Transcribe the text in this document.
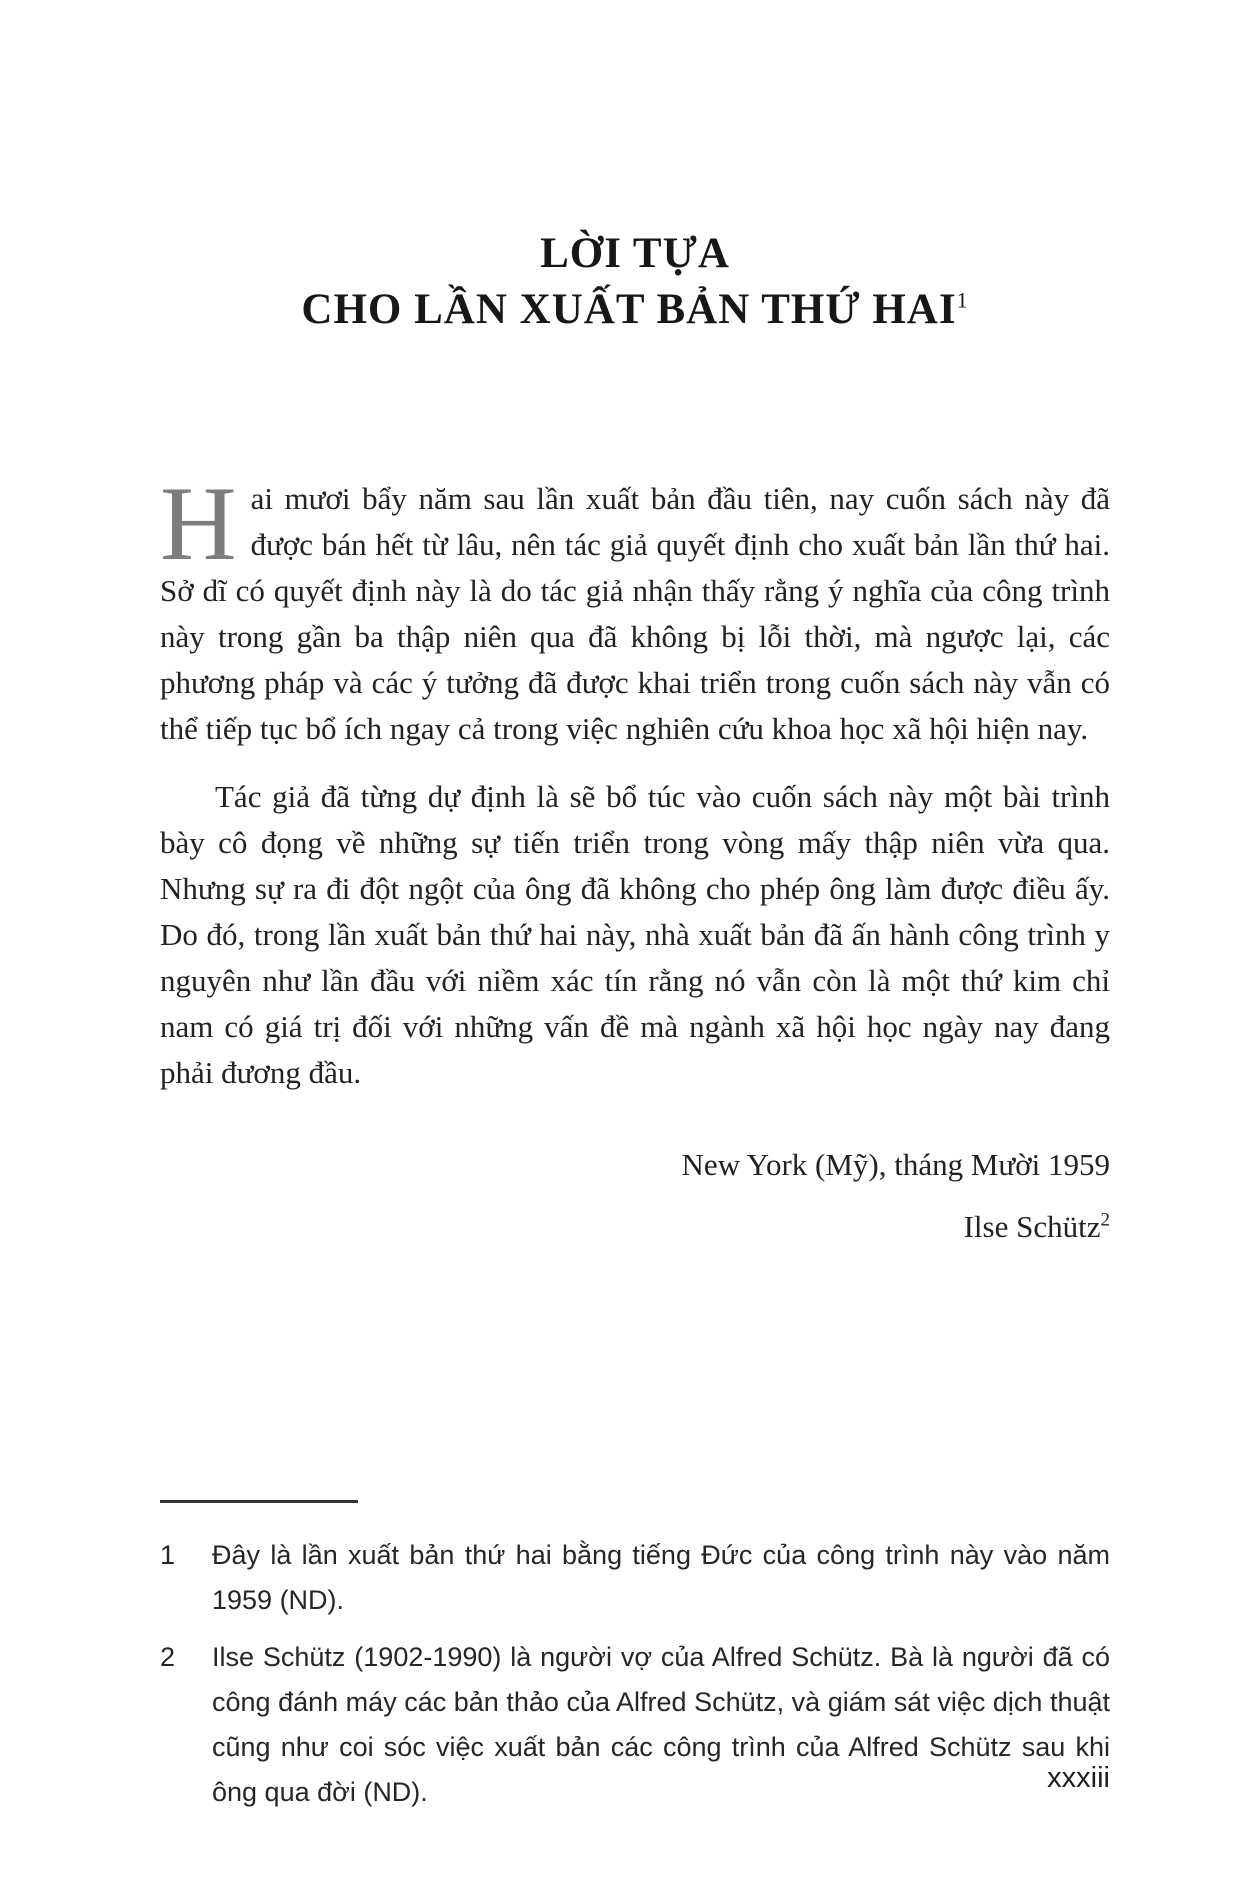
LỜI TỰA
CHO LẦN XUẤT BẢN THỨ HAI$^1$

Hai mươi bẩy năm sau lần xuất bản đầu tiên, nay cuốn sách này đã được bán hết từ lâu, nên tác giả quyết định cho xuất bản lần thứ hai. Sở dĩ có quyết định này là do tác giả nhận thấy rằng ý nghĩa của công trình này trong gần ba thập niên qua đã không bị lỗi thời, mà ngược lại, các phương pháp và các ý tưởng đã được khai triển trong cuốn sách này vẫn có thể tiếp tục bổ ích ngay cả trong việc nghiên cứu khoa học xã hội hiện nay.

Tác giả đã từng dự định là sẽ bổ túc vào cuốn sách này một bài trình bày cô đọng về những sự tiến triển trong vòng mấy thập niên vừa qua. Nhưng sự ra đi đột ngột của ông đã không cho phép ông làm được điều ấy. Do đó, trong lần xuất bản thứ hai này, nhà xuất bản đã ấn hành công trình y nguyên như lần đầu với niềm xác tín rằng nó vẫn còn là một thứ kim chỉ nam có giá trị đối với những vấn đề mà ngành xã hội học ngày nay đang phải đương đầu.

New York (Mỹ), tháng Mười 1959
Ilse Schütz$^2$
1	Đây là lần xuất bản thứ hai bằng tiếng Đức của công trình này vào năm 1959 (ND).
2	Ilse Schütz (1902-1990) là người vợ của Alfred Schütz. Bà là người đã có công đánh máy các bản thảo của Alfred Schütz, và giám sát việc dịch thuật cũng như coi sóc việc xuất bản các công trình của Alfred Schütz sau khi ông qua đời (ND).	xxxiii
